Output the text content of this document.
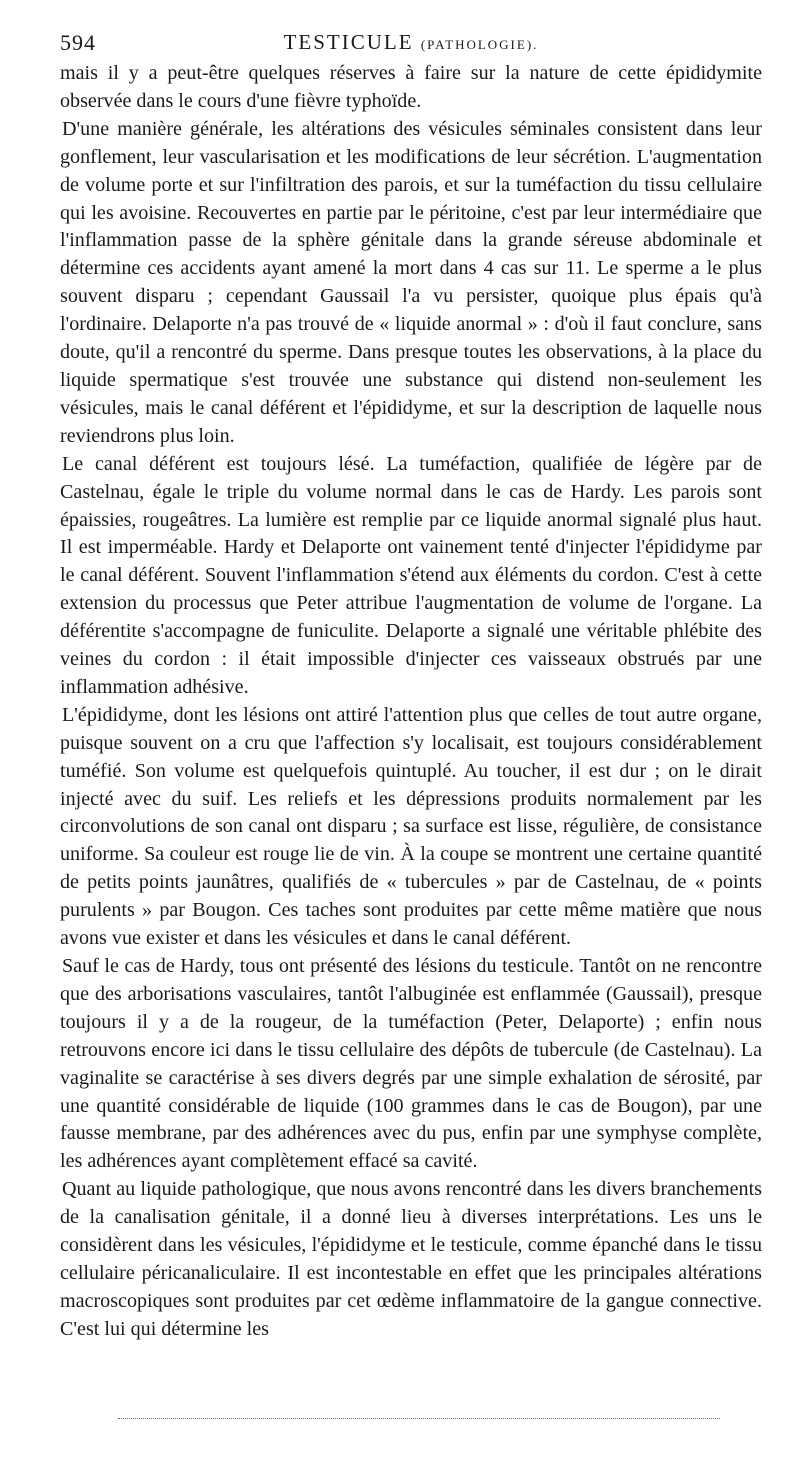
594	TESTICULE (PATHOLOGIE).

mais il y a peut-être quelques réserves à faire sur la nature de cette épididymite observée dans le cours d'une fièvre typhoïde.

D'une manière générale, les altérations des vésicules séminales consistent dans leur gonflement, leur vascularisation et les modifications de leur sécrétion. L'augmentation de volume porte et sur l'infiltration des parois, et sur la tuméfaction du tissu cellulaire qui les avoisine. Recouvertes en partie par le péritoine, c'est par leur intermédiaire que l'inflammation passe de la sphère génitale dans la grande séreuse abdominale et détermine ces accidents ayant amené la mort dans 4 cas sur 11. Le sperme a le plus souvent disparu ; cependant Gaussail l'a vu persister, quoique plus épais qu'à l'ordinaire. Delaporte n'a pas trouvé de « liquide anormal » : d'où il faut conclure, sans doute, qu'il a rencontré du sperme. Dans presque toutes les observations, à la place du liquide spermatique s'est trouvée une substance qui distend non-seulement les vésicules, mais le canal déférent et l'épididyme, et sur la description de laquelle nous reviendrons plus loin.

Le canal déférent est toujours lésé. La tuméfaction, qualifiée de légère par de Castelnau, égale le triple du volume normal dans le cas de Hardy. Les parois sont épaissies, rougeâtres. La lumière est remplie par ce liquide anormal signalé plus haut. Il est imperméable. Hardy et Delaporte ont vainement tenté d'injecter l'épididyme par le canal déférent. Souvent l'inflammation s'étend aux éléments du cordon. C'est à cette extension du processus que Peter attribue l'augmentation de volume de l'organe. La déférentite s'accompagne de funiculite. Delaporte a signalé une véritable phlébite des veines du cordon : il était impossible d'injecter ces vaisseaux obstrués par une inflammation adhésive.

L'épididyme, dont les lésions ont attiré l'attention plus que celles de tout autre organe, puisque souvent on a cru que l'affection s'y localisait, est toujours considérablement tuméfié. Son volume est quelquefois quintuplé. Au toucher, il est dur ; on le dirait injecté avec du suif. Les reliefs et les dépressions produits normalement par les circonvolutions de son canal ont disparu ; sa surface est lisse, régulière, de consistance uniforme. Sa couleur est rouge lie de vin. À la coupe se montrent une certaine quantité de petits points jaunâtres, qualifiés de « tubercules » par de Castelnau, de « points purulents » par Bougon. Ces taches sont produites par cette même matière que nous avons vue exister et dans les vésicules et dans le canal déférent.

Sauf le cas de Hardy, tous ont présenté des lésions du testicule. Tantôt on ne rencontre que des arborisations vasculaires, tantôt l'albuginée est enflammée (Gaussail), presque toujours il y a de la rougeur, de la tuméfaction (Peter, Delaporte) ; enfin nous retrouvons encore ici dans le tissu cellulaire des dépôts de tubercule (de Castelnau). La vaginalite se caractérise à ses divers degrés par une simple exhalation de sérosité, par une quantité considérable de liquide (100 grammes dans le cas de Bougon), par une fausse membrane, par des adhérences avec du pus, enfin par une symphyse complète, les adhérences ayant complètement effacé sa cavité.

Quant au liquide pathologique, que nous avons rencontré dans les divers branchements de la canalisation génitale, il a donné lieu à diverses interprétations. Les uns le considèrent dans les vésicules, l'épididyme et le testicule, comme épanché dans le tissu cellulaire péricanaliculaire. Il est incontestable en effet que les principales altérations macroscopiques sont produites par cet œdème inflammatoire de la gangue connective. C'est lui qui détermine les
